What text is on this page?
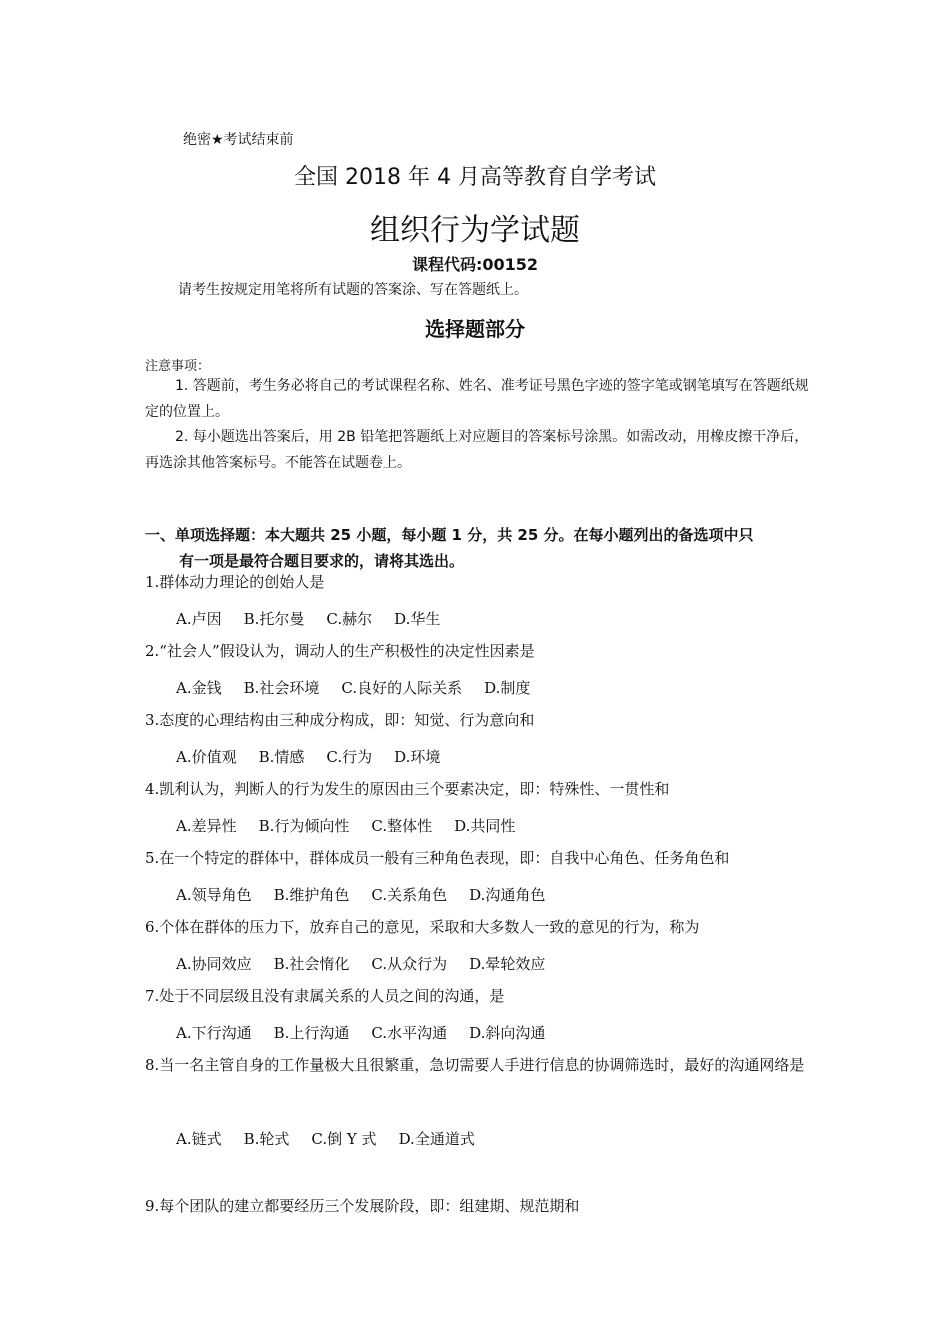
绝密★考试结束前
全国 2018 年 4 月高等教育自学考试
组织行为学试题
课程代码:00152
请考生按规定用笔将所有试题的答案涂、写在答题纸上。
选择题部分
注意事项：
1. 答题前，考生务必将自己的考试课程名称、姓名、准考证号黑色字迹的签字笔或钢笔填写在答题纸规定的位置上。
2. 每小题选出答案后，用 2B 铅笔把答题纸上对应题目的答案标号涂黑。如需改动，用橡皮擦干净后，再选涂其他答案标号。不能答在试题卷上。
一、单项选择题：本大题共 25 小题，每小题 1 分，共 25 分。在每小题列出的备选项中只
有一项是最符合题目要求的，请将其选出。
1.群体动力理论的创始人是
A.卢因 B.托尔曼 C.赫尔 D.华生
2.“社会人”假设认为，调动人的生产积极性的决定性因素是
A.金钱 B.社会环境 C.良好的人际关系 D.制度
3.态度的心理结构由三种成分构成，即：知觉、行为意向和
A.价值观 B.情感 C.行为 D.环境
4.凯利认为，判断人的行为发生的原因由三个要素决定，即：特殊性、一贯性和
A.差异性 B.行为倾向性 C.整体性 D.共同性
5.在一个特定的群体中，群体成员一般有三种角色表现，即：自我中心角色、任务角色和
A.领导角色 B.维护角色 C.关系角色 D.沟通角色
6.个体在群体的压力下，放弃自己的意见，采取和大多数人一致的意见的行为，称为
A.协同效应 B.社会惰化 C.从众行为 D.晕轮效应
7.处于不同层级且没有隶属关系的人员之间的沟通，是
A.下行沟通 B.上行沟通 C.水平沟通 D.斜向沟通
8.当一名主管自身的工作量极大且很繁重，急切需要人手进行信息的协调筛选时，最好的沟通网络是
A.链式 B.轮式 C.倒 Y 式 D.全通道式
9.每个团队的建立都要经历三个发展阶段，即：组建期、规范期和
